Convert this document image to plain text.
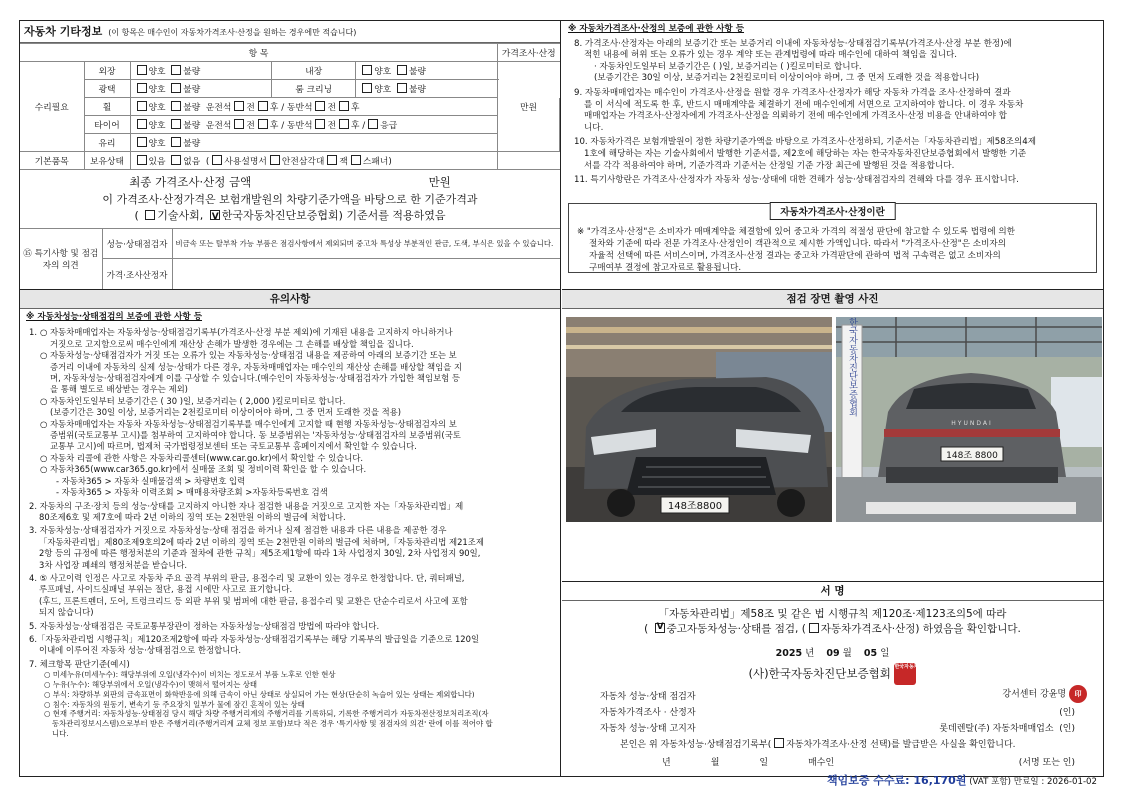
자동차 기타정보 (이 항목은 매수인이 자동차가격조사·산정을 원하는 경우에만 적습니다)
항 목					가격조사·산정
수리필요	외장	양호 불량	내장	양호 불량	만원
	광택	양호 불량	룸 크리닝	양호 불량	
	휠	양호 불량 운전석 전 후 / 동반석 전 후			
	타이어	양호 불량 운전석 전 후 / 동반석 전 후 / 응급			
	유리	양호 불량			
기본품목	보유상태	있음 없음 ( 사용설명서 안전삼각대 잭 스패너)			
최종 가격조사·산정 금액	만원
이 가격조사·산정가격은 보험개발원의 차량기준가액을 바탕으로 한 기준가격과
( 기술사회, V 한국자동차진단보증협회) 기준서를 적용하였음
⑮ 특기사항 및 점검자의 의견	성능·상태점검자	비금속 또는 탈부착 가능 부품은 점검사항에서 제외되며 중고차 특성상 부분적인 판금, 도색, 부식은 있을 수 있습니다.
	가격·조사산정자	
유의사항
※ 자동차성능·상태점검의 보증에 관한 사항 등
1. ○ 자동차매매업자는 자동차성능·상태점검기록부(가격조사·산정 부분 제외)에 기재된 내용을 고지하지 아니하거나
거짓으로 고지함으로써 매수인에게 재산상 손해가 발생한 경우에는 그 손해를 배상할 책임을 집니다.
○ 자동차성능·상태점검자가 거짓 또는 오류가 있는 자동차성능·상태점검 내용을 제공하여 아래의 보증기간 또는 보
증거리 이내에 자동차의 실제 성능·상태가 다른 경우, 자동차매매업자는 매수인의 재산상 손해를 배상할 책임을 지
며, 자동차성능·상태점검자에게 이를 구상할 수 있습니다.(매수인이 자동차성능·상태점검자가 가입한 책임보험 등
을 통해 별도로 배상받는 경우는 제외)
○ 자동차인도일부터 보증기간은 ( 30 )일, 보증거리는 ( 2,000 )킬로미터로 합니다.
(보증기간은 30일 이상, 보증거리는 2천킬로미터 이상이어야 하며, 그 중 먼저 도래한 것을 적용)
○ 자동차매매업자는 자동차 자동차성능·상태점검기록부를 매수인에게 고지할 때 현행 자동차성능·상태점검자의 보
증범위(국토교통부 고시)를 첨부하여 고지하여야 합니다. 동 보증범위는 '자동차성능·상태점검자의 보증범위(국토
교통부 고시)에 따르며, 법제처 국가법령정보센터 또는 국토교통부 홈페이지에서 확인할 수 있습니다.
○ 자동차 리콜에 관한 사항은 자동차리콜센터(www.car.go.kr)에서 확인할 수 있습니다.
○ 자동차365(www.car365.go.kr)에서 실매물 조회 및 정비이력 확인을 할 수 있습니다.
- 자동차365 > 자동차 실매물검색 > 차량번호 입력
- 자동차365 > 자동차 이력조회 > 매매용차량조회 >자동차등록번호 검색
2. 자동차의 구조·장치 등의 성능·상태를 고지하지 아니한 자나 점검한 내용을 거짓으로 고지한 자는「자동차관리법」제
80조제6호 및 제7호에 따라 2년 이하의 징역 또는 2천만원 이하의 벌금에 처합니다.
3. 자동차성능·상태점검자가 거짓으로 자동차성능·상태 점검을 하거나 실제 점검한 내용과 다른 내용을 제공한 경우
「자동차관리법」제80조제9호의2에 따라 2년 이하의 징역 또는 2천만원 이하의 벌금에 처하며,「자동차관리법 제21조제
2항 등의 규정에 따른 행정처분의 기준과 절차에 관한 규칙」제5조제1항에 따라 1차 사업정지 30일, 2차 사업정지 90일,
3차 사업장 폐쇄의 행정처분을 받습니다.
4. ⑤ 사고이력 인정은 사고로 자동차 주요 골격 부위의 판금, 용접수리 및 교환이 있는 경우로 한정합니다. 단, 쿼터패널,
루프패널, 사이드실패널 부위는 절단, 용접 시에만 사고로 표기합니다.
(후드, 프론트펜더, 도어, 트렁크리드 등 외판 부위 및 범퍼에 대한 판금, 용접수리 및 교환은 단순수리로서 사고에 포함
되지 않습니다)
5. 자동차성능·상태점검은 국토교통부장관이 정하는 자동차성능·상태점검 방법에 따라야 합니다.
6.「자동차관리법 시행규칙」제120조제2항에 따라 자동차성능·상태점검기록부는 해당 기록부의 발급일을 기준으로 120일
이내에 이루어진 자동차 성능·상태점검으로 한정합니다.
7. 체크항목 판단기준(예시)
○ 미세누유(미세누수): 해당부위에 오일(냉각수)이 비치는 정도로서 부품 노후로 인한 현상
○ 누유(누수): 해당부위에서 오일(냉각수)이 맺혀서 떨어지는 상태
○ 부식: 차량하부 외판의 금속표면이 화학반응에 의해 금속이 아닌 상태로 상실되어 가는 현상(단순히 녹슬어 있는 상태는 제외합니다)
○ 침수: 자동차의 원동기, 변속기 등 주요장치 일부가 물에 잠긴 흔적이 있는 상태
○ 현재 주행거리: 자동차성능·상태점검 당시 해당 차량 주행거리계의 주행거리를 기록하되, 기록한 주행거리가 자동차전산정보처리조직(자
동차관리정보시스템)으로부터 받은 주행거리(주행거리계 교체 정보 포함)보다 적은 경우 '특기사항 및 점검자의 의견' 란에 이를 적어야 합
니다.
※ 자동차가격조사·산정의 보증에 관한 사항 등

8. 가격조사·산정자는 아래의 보증기간 또는 보증거리 이내에 자동차성능·상태점검기록부(가격조사·산정 부분 한정)에
적힌 내용에 허위 또는 오류가 있는 경우 계약 또는 관계법령에 따라 매수인에 대하여 책임을 집니다.
· 자동차인도일부터 보증기간은 ( )일, 보증거리는 ( )킬로미터로 합니다.
(보증기간은 30일 이상, 보증거리는 2천킬로미터 이상이어야 하며, 그 중 먼저 도래한 것을 적용합니다)

9. 자동차매매업자는 매수인이 가격조사·산정을 원할 경우 가격조사·산정자가 해당 자동차 가격을 조사·산정하여 결과
를 이 서식에 적도록 한 후, 반드시 매매계약을 체결하기 전에 매수인에게 서면으로 고지하여야 합니다. 이 경우 자동차
매매업자는 가격조사·산정자에게 가격조사·산정을 의뢰하기 전에 매수인에게 가격조사·산정 비용을 안내하여야 합
니다.

10. 자동차가격은 보험개발원이 정한 차량기준가액을 바탕으로 가격조사·산정하되, 기준서는「자동차관리법」제58조의4제
1호에 해당하는 자는 기술사회에서 발행한 기준서를, 제2호에 해당하는 자는 한국자동차진단보증협회에서 발행한 기준
서를 각각 적용하여야 하며, 기준가격과 기준서는 산정일 기준 가장 최근에 발행된 것을 적용합니다.

11. 특기사항란은 가격조사·산정자가 자동차 성능·상태에 대한 견해가 성능·상태점검자의 견해와 다를 경우 표시합니다.

자동차가격조사·산정이란
※ "가격조사·산정"은 소비자가 매매계약을 체결함에 있어 중고차 가격의 적절성 판단에 참고할 수 있도록 법령에 의한
절차와 기준에 따라 전문 가격조사·산정인이 객관적으로 제시한 가액입니다. 따라서 "가격조사·산정"은 소비자의
자율적 선택에 따른 서비스이며, 가격조사·산정 결과는 중고차 가격판단에 관하여 법적 구속력은 없고 소비자의
구매여부 결정에 참고자료로 활용됩니다.
점검 장면 촬영 사진
148조8800
한국자동차진단보증협회
HYUNDAI
148조 8800
서 명
「자동차관리법」제58조 및 같은 법 시행규칙 제120조·제123조의5에 따라
( V 중고자동차성능·상태를 점검, ( 자동차가격조사·산정) 하였음을 확인합니다.
2025 년 09 월 05 일
(사)한국자동차진단보증협회 한국자동차진단보증협회인
자동차 성능·상태 점검자	강서센터 강윤명 印
자동차가격조사 · 산정자	(인)
자동차 성능·상태 고지자	롯데렌탈(주) 자동차매매업소 (인)
본인은 위 자동차성능·상태점검기록부( 자동차가격조사·산정 선택)를 발급받은 사실을 확인합니다.
년	월	일	매수인	(서명 또는 인)
책임보증 수수료: 16,170원 (VAT 포함) 만료일 : 2026-01-02
